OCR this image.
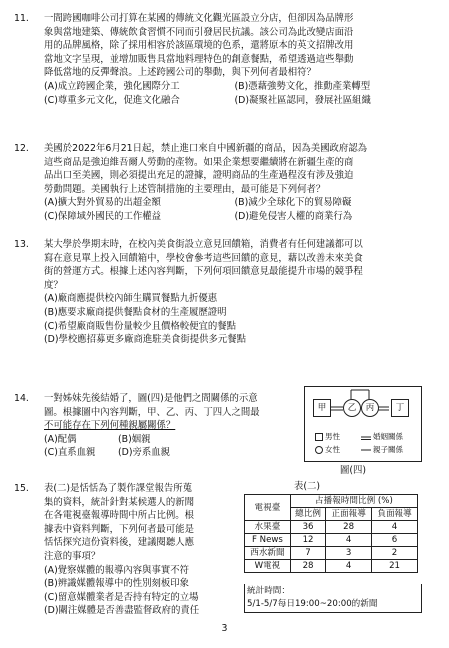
11.	一間跨國咖啡公司打算在某國的傳統文化觀光區設立分店，但卻因為品牌形
象與當地建築、傳統飲食習慣不同而引發居民抗議。該公司為此改變店面沿
用的品牌風格，除了採用相容於該區環境的色系，還將原本的英文招牌改用
當地文字呈現，並增加販售具當地料理特色的創意餐點，希望透過這些舉動
降低當地的反彈聲浪。上述跨國公司的舉動，與下列何者最相符？
(A)成立跨國企業，強化國際分工	(B)憑藉強勢文化，推動產業轉型
(C)尊重多元文化，促進文化融合	(D)凝聚社區認同，發展社區組織
12.	美國於2022年6月21日起，禁止進口來自中國新疆的商品，因為美國政府認為
這些商品是強迫維吾爾人勞動的產物。如果企業想要繼續將在新疆生產的商
品出口至美國，則必須提出充足的證據，證明商品的生產過程沒有涉及強迫
勞動問題。美國執行上述管制措施的主要理由，最可能是下列何者？
(A)擴大對外貿易的出超金額	(B)減少全球化下的貿易障礙
(C)保障域外國民的工作權益	(D)避免侵害人權的商業行為
13.	某大學於學期末時，在校內美食街設立意見回饋箱，消費者有任何建議都可以
寫在意見單上投入回饋箱中，學校會參考這些回饋的意見，藉以改善未來美食
街的營運方式。根據上述內容判斷，下列何項回饋意見最能提升市場的競爭程
度？
(A)廠商應提供校內師生購買餐點九折優惠
(B)應要求廠商提供餐點食材的生產履歷證明
(C)希望廠商販售份量較少且價格較便宜的餐點
(D)學校應招募更多廠商進駐美食街提供多元餐點
14.	一對姊妹先後結婚了，圖(四)是他們之間關係的示意
圖。根據圖中內容判斷，甲、乙、丙、丁四人之間最
不可能存在下列何種親屬關係？
(A)配偶	(B)姻親
(C)直系血親	(D)旁系血親
甲	乙	丙	丁
男性	婚姻關係
女性	親子關係
圖(四)
15.	表(二)是恬恬為了製作課堂報告所蒐
集的資料，統計針對某候選人的新聞
在各電視臺報導時間中所占比例。根
據表中資料判斷，下列何者最可能是
恬恬探究這份資料後，建議閱聽人應
注意的事項？
(A)覺察媒體的報導內容與事實不符
(B)辨識媒體報導中的性別刻板印象
(C)留意媒體業者是否持有特定的立場
(D)關注媒體是否善盡監督政府的責任
表(二)
電視臺	占播報時間比例 (%)		
	總比例	正面報導	負面報導
水果臺	36	28	4
F News	12	4	6
西水新聞	7	3	2
W電視	28	4	21
統計時間：
5/1-5/7每日19:00~20:00的新聞
3
